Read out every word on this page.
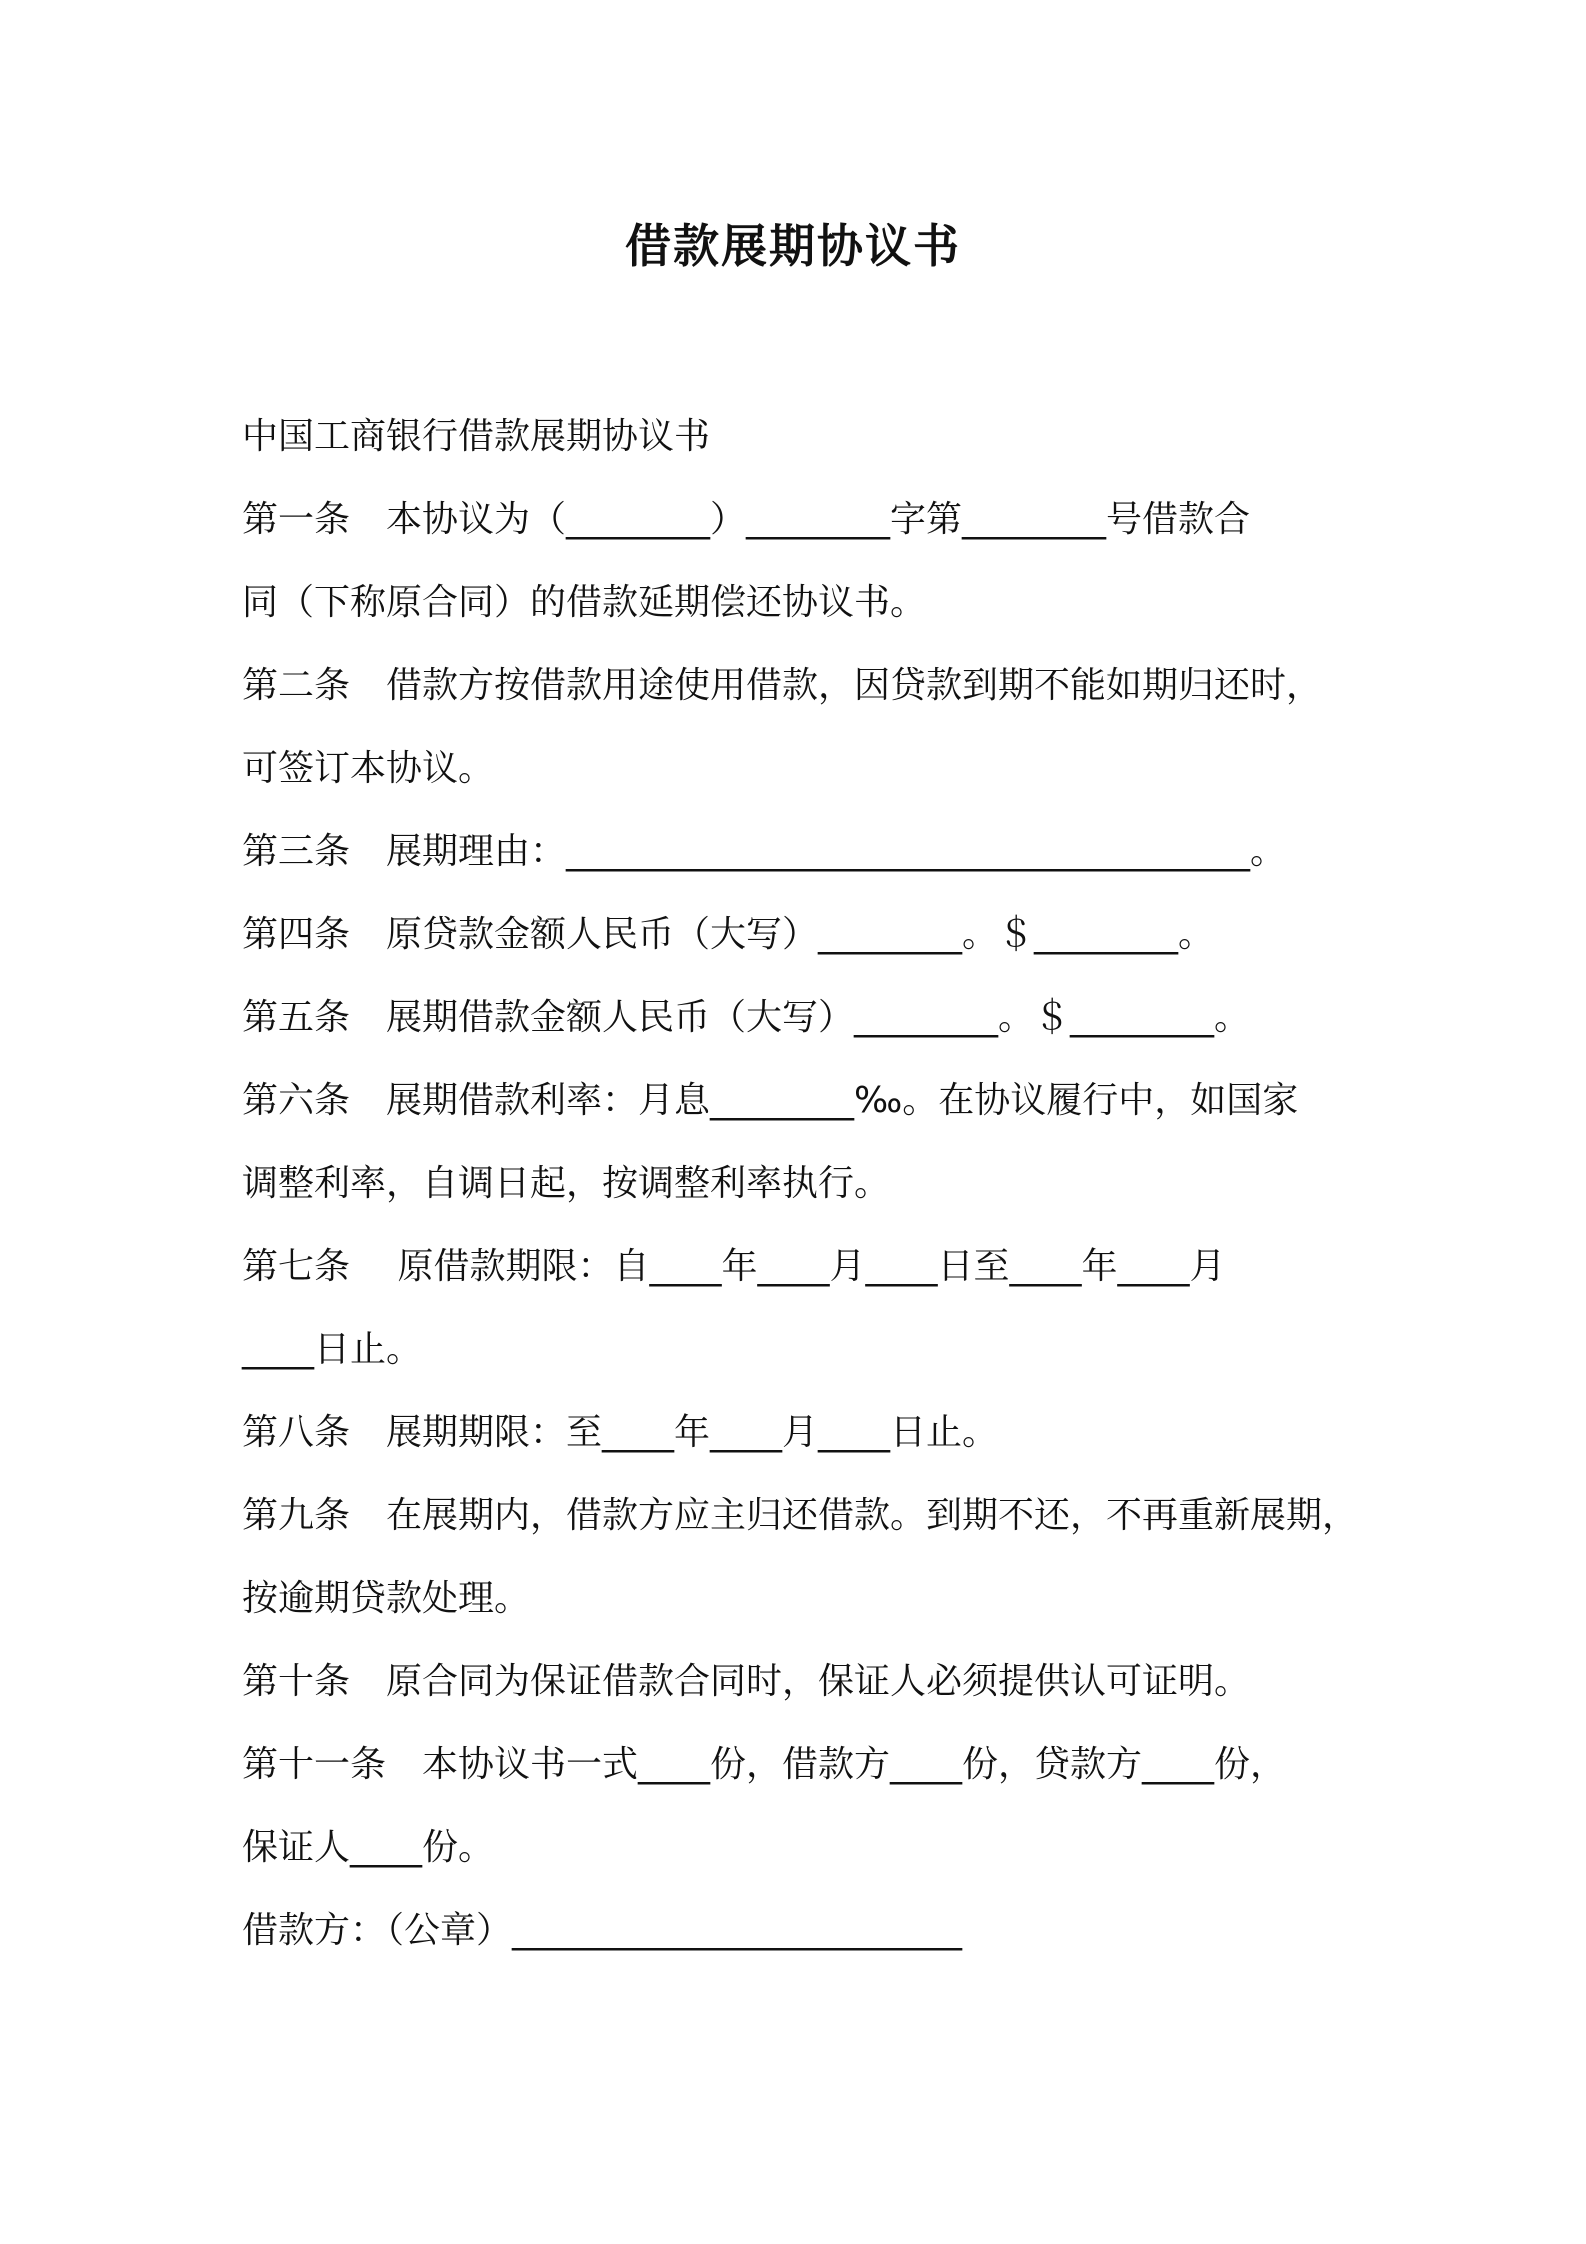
借款展期协议书
中国工商银行借款展期协议书
第一条　本协议为（________）________字第________号借款合
同（下称原合同）的借款延期偿还协议书。
第二条　借款方按借款用途使用借款，因贷款到期不能如期归还时，
可签订本协议。
第三条　展期理由：______________________________________。
第四条　原贷款金额人民币（大写）________。＄________。
第五条　展期借款金额人民币（大写）________。＄________。
第六条　展期借款利率：月息________‰。在协议履行中，如国家
调整利率，自调日起，按调整利率执行。
第七条　 原借款期限：自____年____月____日至____年____月
____日止。
第八条　展期期限：至____年____月____日止。
第九条　在展期内，借款方应主归还借款。到期不还，不再重新展期，
按逾期贷款处理。
第十条　原合同为保证借款合同时，保证人必须提供认可证明。
第十一条　本协议书一式____份，借款方____份，贷款方____份，
保证人____份。
借款方：（公章）_________________________
